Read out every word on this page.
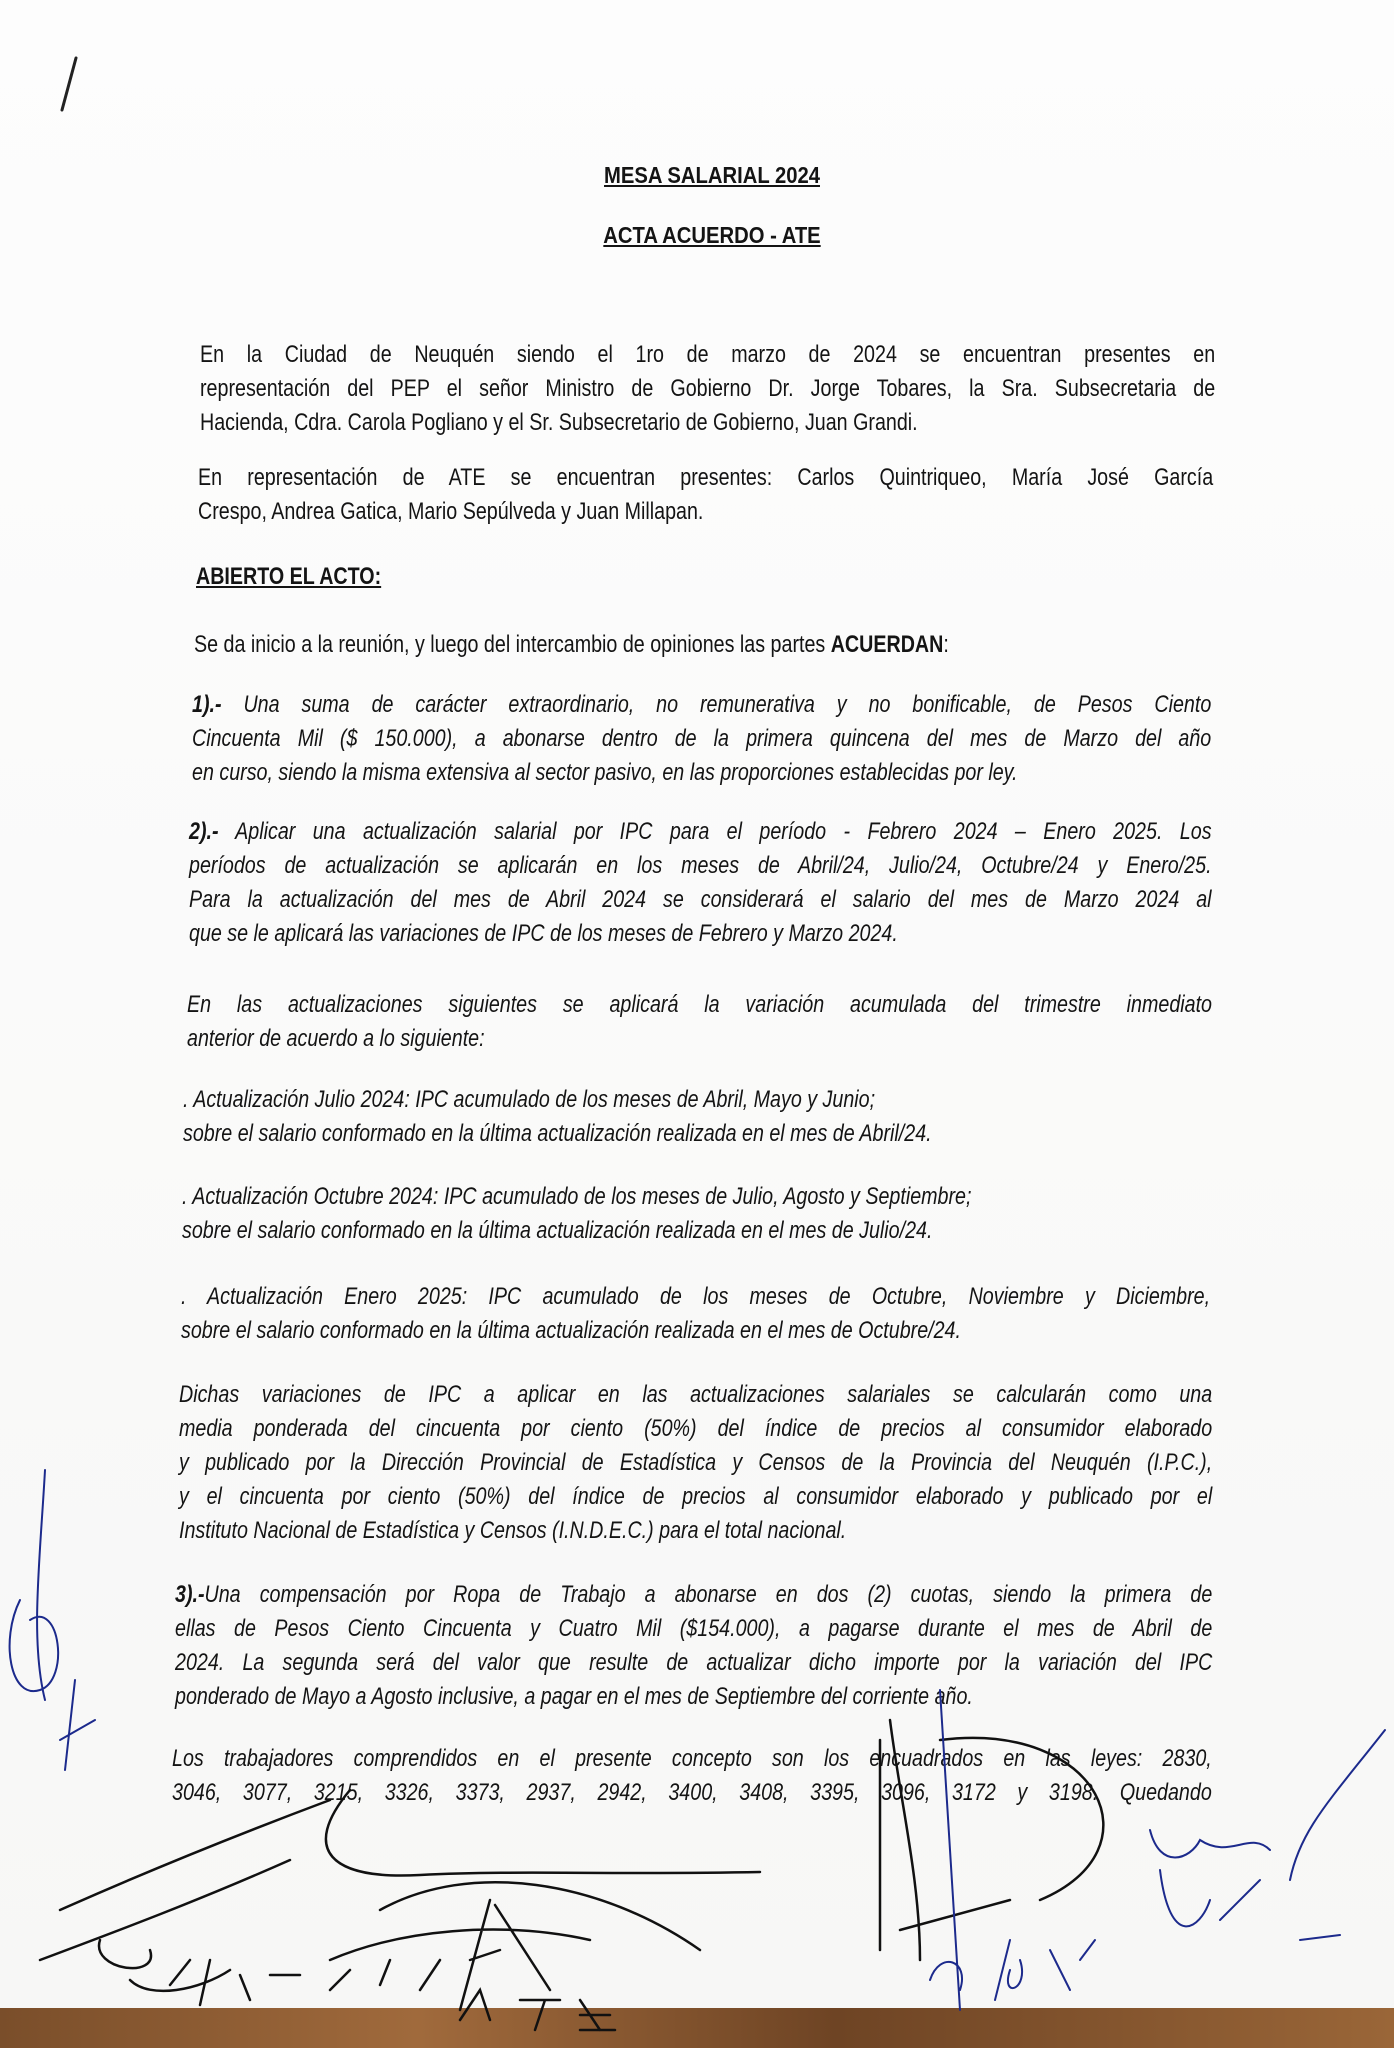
MESA SALARIAL 2024
ACTA ACUERDO - ATE
En la Ciudad de Neuquén siendo el 1ro de marzo de 2024 se encuentran presentes en
representación del PEP el señor Ministro de Gobierno Dr. Jorge Tobares, la Sra. Subsecretaria de
Hacienda, Cdra. Carola Pogliano y el Sr. Subsecretario de Gobierno, Juan Grandi.
En representación de ATE se encuentran presentes: Carlos Quintriqueo, María José García
Crespo, Andrea Gatica, Mario Sepúlveda y Juan Millapan.
ABIERTO EL ACTO:
Se da inicio a la reunión, y luego del intercambio de opiniones las partes ACUERDAN:
1).- Una suma de carácter extraordinario, no remunerativa y no bonificable, de Pesos Ciento
Cincuenta Mil ($ 150.000), a abonarse dentro de la primera quincena del mes de Marzo del año
en curso, siendo la misma extensiva al sector pasivo, en las proporciones establecidas por ley.
2).- Aplicar una actualización salarial por IPC para el período - Febrero 2024 – Enero 2025. Los
períodos de actualización se aplicarán en los meses de Abril/24, Julio/24, Octubre/24 y Enero/25.
Para la actualización del mes de Abril 2024 se considerará el salario del mes de Marzo 2024 al
que se le aplicará las variaciones de IPC de los meses de Febrero y Marzo 2024.
En las actualizaciones siguientes se aplicará la variación acumulada del trimestre inmediato
anterior de acuerdo a lo siguiente:
. Actualización Julio 2024: IPC acumulado de los meses de Abril, Mayo y Junio;
sobre el salario conformado en la última actualización realizada en el mes de Abril/24.
. Actualización Octubre 2024: IPC acumulado de los meses de Julio, Agosto y Septiembre;
sobre el salario conformado en la última actualización realizada en el mes de Julio/24.
. Actualización Enero 2025: IPC acumulado de los meses de Octubre, Noviembre y Diciembre,
sobre el salario conformado en la última actualización realizada en el mes de Octubre/24.
Dichas variaciones de IPC a aplicar en las actualizaciones salariales se calcularán como una
media ponderada del cincuenta por ciento (50%) del índice de precios al consumidor elaborado
y publicado por la Dirección Provincial de Estadística y Censos de la Provincia del Neuquén (I.P.C.),
y el cincuenta por ciento (50%) del índice de precios al consumidor elaborado y publicado por el
Instituto Nacional de Estadística y Censos (I.N.D.E.C.) para el total nacional.
3).-Una compensación por Ropa de Trabajo a abonarse en dos (2) cuotas, siendo la primera de
ellas de Pesos Ciento Cincuenta y Cuatro Mil ($154.000), a pagarse durante el mes de Abril de
2024. La segunda será del valor que resulte de actualizar dicho importe por la variación del IPC
ponderado de Mayo a Agosto inclusive, a pagar en el mes de Septiembre del corriente año.
Los trabajadores comprendidos en el presente concepto son los encuadrados en las leyes: 2830,
3046, 3077, 3215, 3326, 3373, 2937, 2942, 3400, 3408, 3395, 3096, 3172 y 3198. Quedando
